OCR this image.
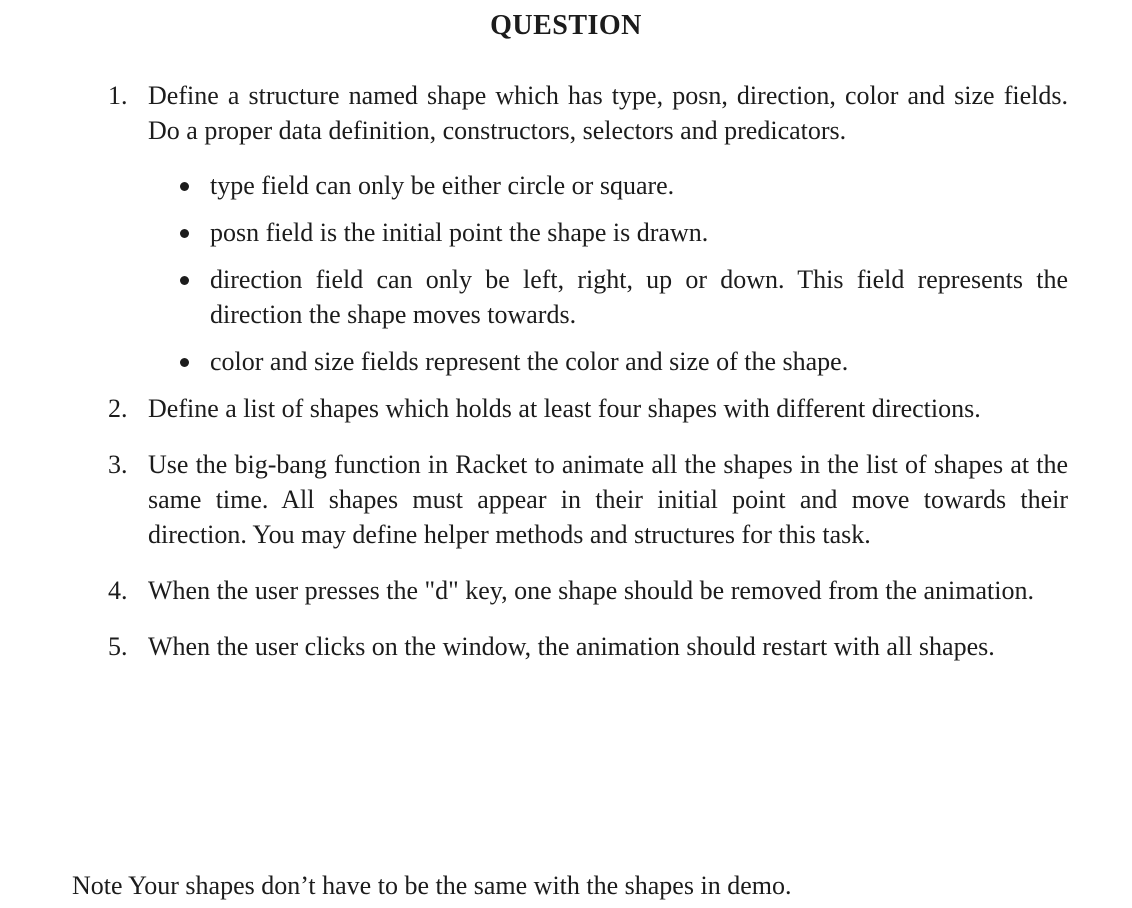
QUESTION
1. Define a structure named shape which has type, posn, direction, color and size fields. Do a proper data definition, constructors, selectors and predicators.
type field can only be either circle or square.
posn field is the initial point the shape is drawn.
direction field can only be left, right, up or down. This field represents the direction the shape moves towards.
color and size fields represent the color and size of the shape.
2. Define a list of shapes which holds at least four shapes with different directions.
3. Use the big-bang function in Racket to animate all the shapes in the list of shapes at the same time. All shapes must appear in their initial point and move towards their direction. You may define helper methods and structures for this task.
4. When the user presses the "d" key, one shape should be removed from the animation.
5. When the user clicks on the window, the animation should restart with all shapes.
Note Your shapes don’t have to be the same with the shapes in demo.
